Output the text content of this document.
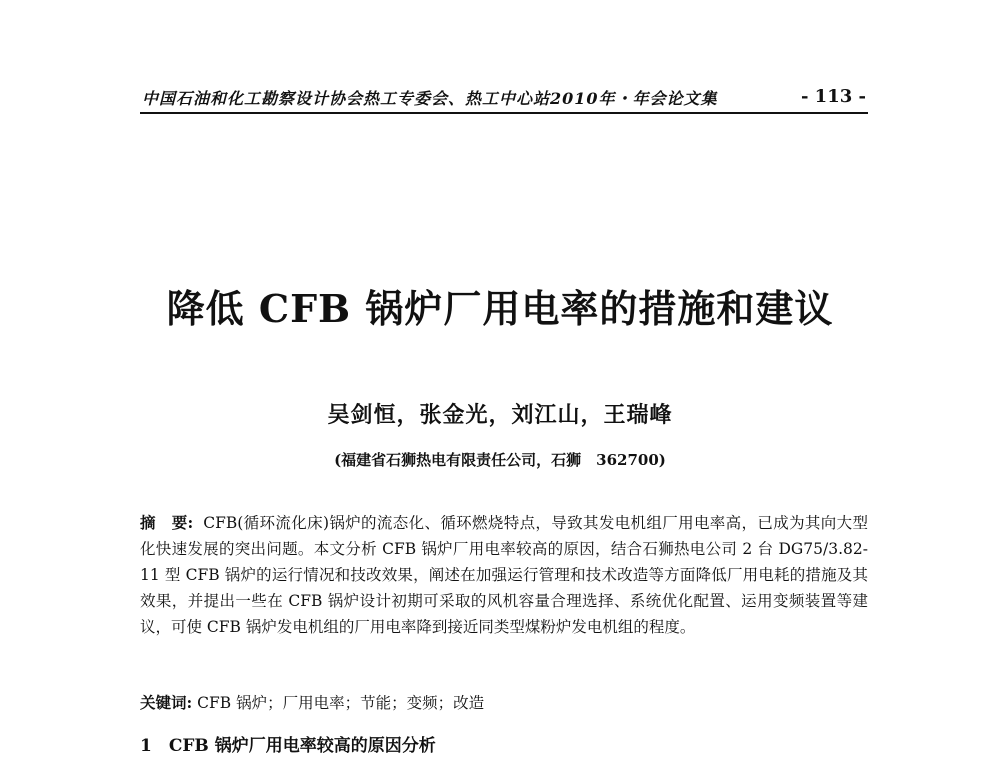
中国石油和化工勘察设计协会热工专委会、热工中心站2010年・年会论文集	- 113 -
降低 CFB 锅炉厂用电率的措施和建议
吴剑恒，张金光，刘江山，王瑞峰
(福建省石狮热电有限责任公司，石狮　362700)
摘　要: CFB(循环流化床)锅炉的流态化、循环燃烧特点，导致其发电机组厂用电率高，已成为其向大型化快速发展的突出问题。本文分析 CFB 锅炉厂用电率较高的原因，结合石狮热电公司 2 台 DG75/3.82-11 型 CFB 锅炉的运行情况和技改效果，阐述在加强运行管理和技术改造等方面降低厂用电耗的措施及其效果，并提出一些在 CFB 锅炉设计初期可采取的风机容量合理选择、系统优化配置、运用变频装置等建议，可使 CFB 锅炉发电机组的厂用电率降到接近同类型煤粉炉发电机组的程度。
关键词: CFB 锅炉；厂用电率；节能；变频；改造
1　CFB 锅炉厂用电率较高的原因分析
